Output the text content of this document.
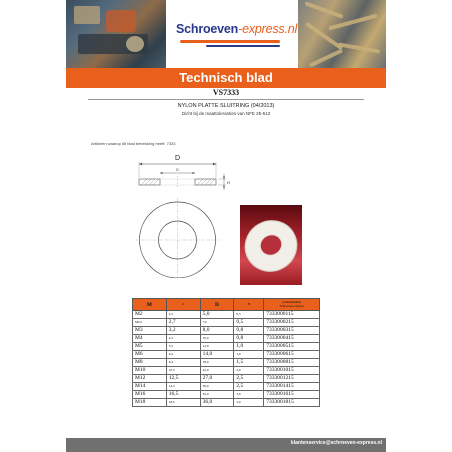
Schroeven-express.nl
Technisch blad
VS7333
NYLON PLATTE SLUITRING (04/2013)
Dicht bij de maattoleranties van NFE 25-513
Artikelen waarop dit blad betrekking heeft: 7333
D
D
H
M	d	D	H	Artikelnummer
Schroeven-express

M2	2,2	5,0	0,5	7333000115
M2,5	2,7	7,0	0,5	7333000215
M3	3,2	8,0	0,8	7333000315
M4	4,3	10,0	0,8	7333000415
M5	5,3	12,0	1,0	7333000515
M6	6,4	14,0	1,0	7333000615
M8	8,4	18,0	1,5	7333000815
M10	10,5	22,0	2,0	7333001015
M12	12,5	27,0	2,5	7333001215
M14	14,5	30,0	2,5	7333001415
M16	16,5	32,0	3,0	7333001615
M18	18,5	36,0	3,0	7333001815
klantenservice@schroeven-express.nl
